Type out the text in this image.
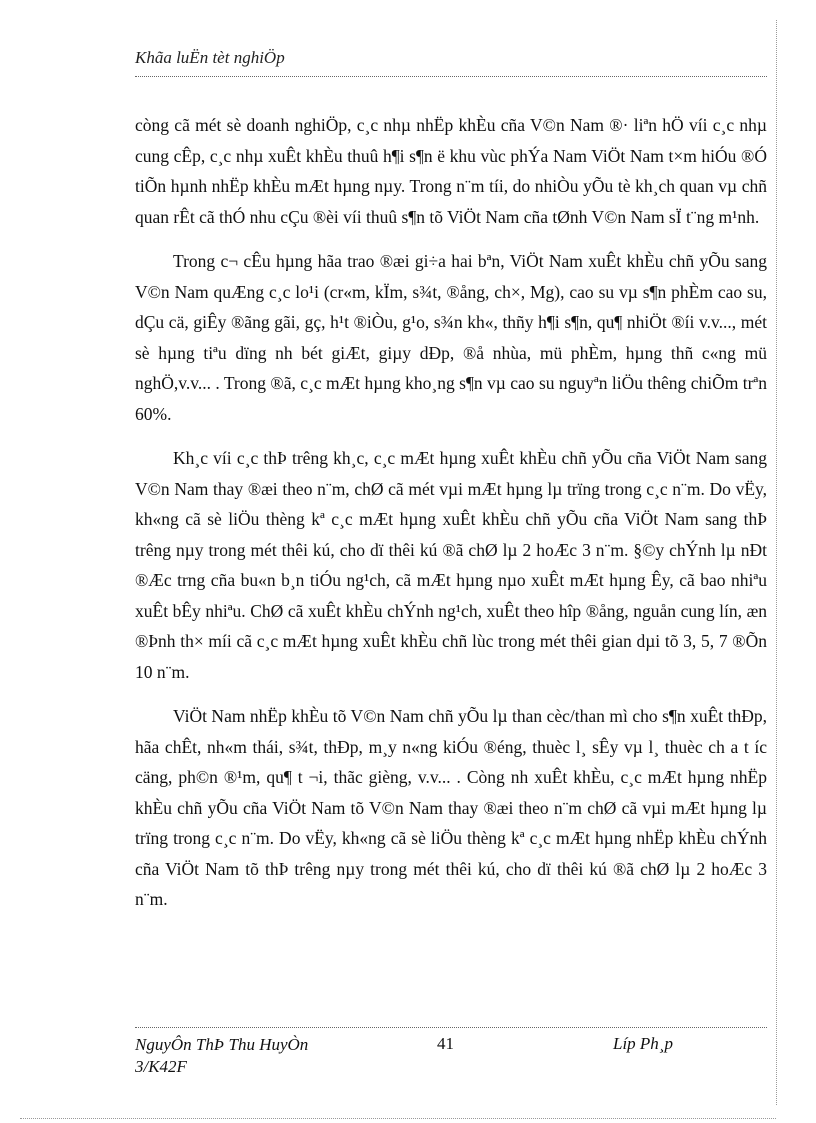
Khãa luËn tèt nghiÖp

còng cã mét sè doanh nghiÖp, c¸c nhµ nhËp khÈu cña V©n Nam ®· liªn hÖ víi c¸c nhµ cung cÊp, c¸c nhµ xuÊt khÈu thuû h¶i s¶n ë khu vùc phÝa Nam ViÖt Nam t×m hiÓu ®Ó tiÕn hµnh nhËp khÈu mÆt hµng nµy. Trong n¨m tíi, do nhiÒu yÕu tè kh¸ch quan vµ chñ quan rÊt cã thÓ nhu cÇu ®èi víi thuû s¶n tõ ViÖt Nam cña tØnh V©n Nam sÏ t¨ng m¹nh.

Trong c¬ cÊu hµng hãa trao ®æi gi÷a hai bªn, ViÖt Nam xuÊt khÈu chñ yÕu sang V©n Nam quÆng c¸c lo¹i (cr«m, kÏm, s¾t, ®ång, ch×, Mg), cao su vµ s¶n phÈm cao su, dÇu cä, giÊy ®ãng gãi, gç, h¹t ®iÒu, g¹o, s¾n kh«, thñy h¶i s¶n, qu¶ nhiÖt ®íi v.v..., mét sè hµng tiªu dïng nh bét giÆt, giµy dÐp, ®å nhùa, mü phÈm, hµng thñ c«ng mü nghÖ,v.v... . Trong ®ã, c¸c mÆt hµng kho¸ng s¶n vµ cao su nguyªn liÖu thêng chiÕm trªn 60%.

Kh¸c víi c¸c thÞ trêng kh¸c, c¸c mÆt hµng xuÊt khÈu chñ yÕu cña ViÖt Nam sang V©n Nam thay ®æi theo n¨m, chØ cã mét vµi mÆt hµng lµ trïng trong c¸c n¨m. Do vËy, kh«ng cã sè liÖu thèng kª c¸c mÆt hµng xuÊt khÈu chñ yÕu cña ViÖt Nam sang thÞ trêng nµy trong mét thêi kú, cho dï thêi kú ®ã chØ lµ 2 hoÆc 3 n¨m. §©y chÝnh lµ nÐt ®Æc trng cña bu«n b¸n tiÓu ng¹ch, cã mÆt hµng nµo xuÊt mÆt hµng Êy, cã bao nhiªu xuÊt bÊy nhiªu. ChØ cã xuÊt khÈu chÝnh ng¹ch, xuÊt theo hîp ®ång, nguån cung lín, æn ®Þnh th× míi cã c¸c mÆt hµng xuÊt khÈu chñ lùc trong mét thêi gian dµi tõ 3, 5, 7 ®Õn 10 n¨m.

ViÖt Nam nhËp khÈu tõ V©n Nam chñ yÕu lµ than cèc/than mì cho s¶n xuÊt thÐp, hãa chÊt, nh«m thái, s¾t, thÐp, m¸y n«ng kiÓu ®éng, thuèc l¸ sÊy vµ l¸ thuèc ch a t íc cäng, ph©n ®¹m, qu¶ t ¬i, thãc gièng, v.v... . Còng nh xuÊt khÈu, c¸c mÆt hµng nhËp khÈu chñ yÕu cña ViÖt Nam tõ V©n Nam thay ®æi theo n¨m chØ cã vµi mÆt hµng lµ trïng trong c¸c n¨m. Do vËy, kh«ng cã sè liÖu thèng kª c¸c mÆt hµng nhËp khÈu chÝnh cña ViÖt Nam tõ thÞ trêng nµy trong mét thêi kú, cho dï thêi kú ®ã chØ lµ 2 hoÆc 3 n¨m.

NguyÔn ThÞ Thu HuyÒn
3/K42F
41	Líp Ph¸p
